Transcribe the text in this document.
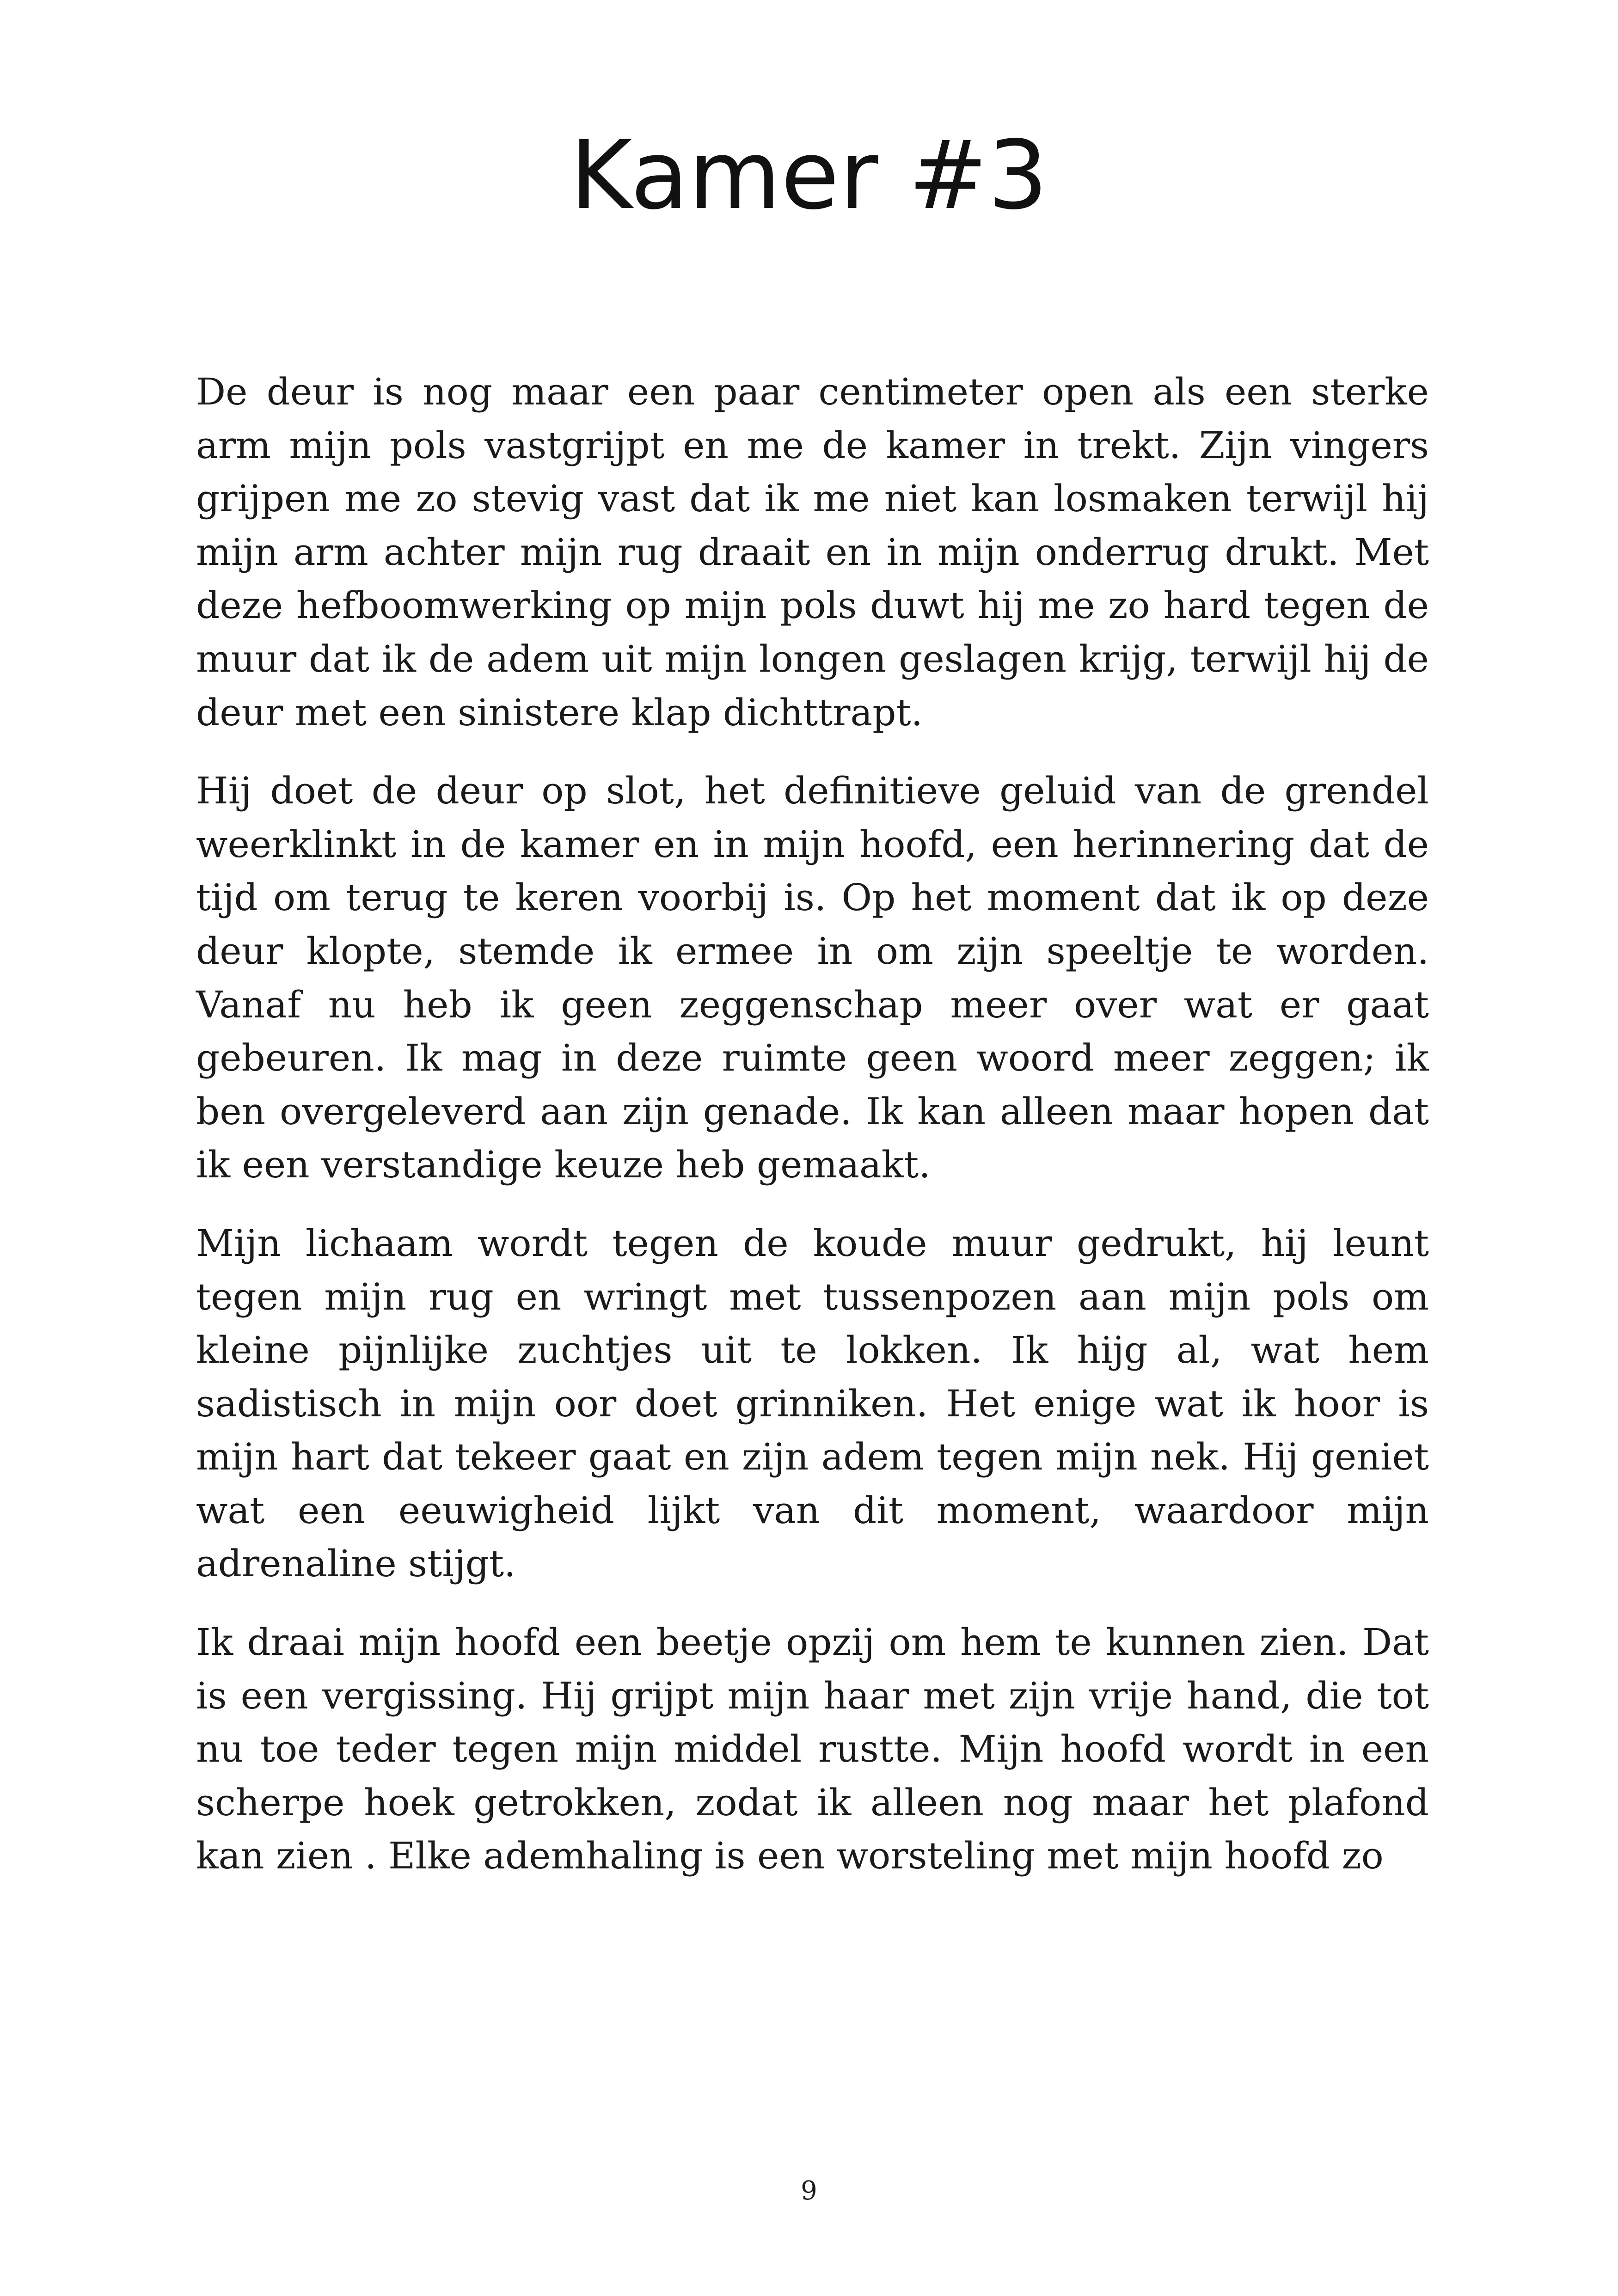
Kamer #3

De deur is nog maar een paar centimeter open als een sterke arm mijn pols vastgrijpt en me de kamer in trekt. Zijn vingers grijpen me zo stevig vast dat ik me niet kan losmaken terwijl hij mijn arm achter mijn rug draait en in mijn onderrug drukt. Met deze hefboomwerking op mijn pols duwt hij me zo hard tegen de muur dat ik de adem uit mijn longen geslagen krijg, terwijl hij de deur met een sinistere klap dichttrapt.

Hij doet de deur op slot, het definitieve geluid van de grendel weerklinkt in de kamer en in mijn hoofd, een herinnering dat de tijd om terug te keren voorbij is. Op het moment dat ik op deze deur klopte, stemde ik ermee in om zijn speeltje te worden. Vanaf nu heb ik geen zeggenschap meer over wat er gaat gebeuren. Ik mag in deze ruimte geen woord meer zeggen; ik ben overgeleverd aan zijn genade. Ik kan alleen maar hopen dat ik een verstandige keuze heb gemaakt.

Mijn lichaam wordt tegen de koude muur gedrukt, hij leunt tegen mijn rug en wringt met tussenpozen aan mijn pols om kleine pijnlijke zuchtjes uit te lokken. Ik hijg al, wat hem sadistisch in mijn oor doet grinniken. Het enige wat ik hoor is mijn hart dat tekeer gaat en zijn adem tegen mijn nek. Hij geniet wat een eeuwigheid lijkt van dit moment, waardoor mijn adrenaline stijgt.

Ik draai mijn hoofd een beetje opzij om hem te kunnen zien. Dat is een vergissing. Hij grijpt mijn haar met zijn vrije hand, die tot nu toe teder tegen mijn middel rustte. Mijn hoofd wordt in een scherpe hoek getrokken, zodat ik alleen nog maar het plafond kan zien . Elke ademhaling is een worsteling met mijn hoofd zo

9
